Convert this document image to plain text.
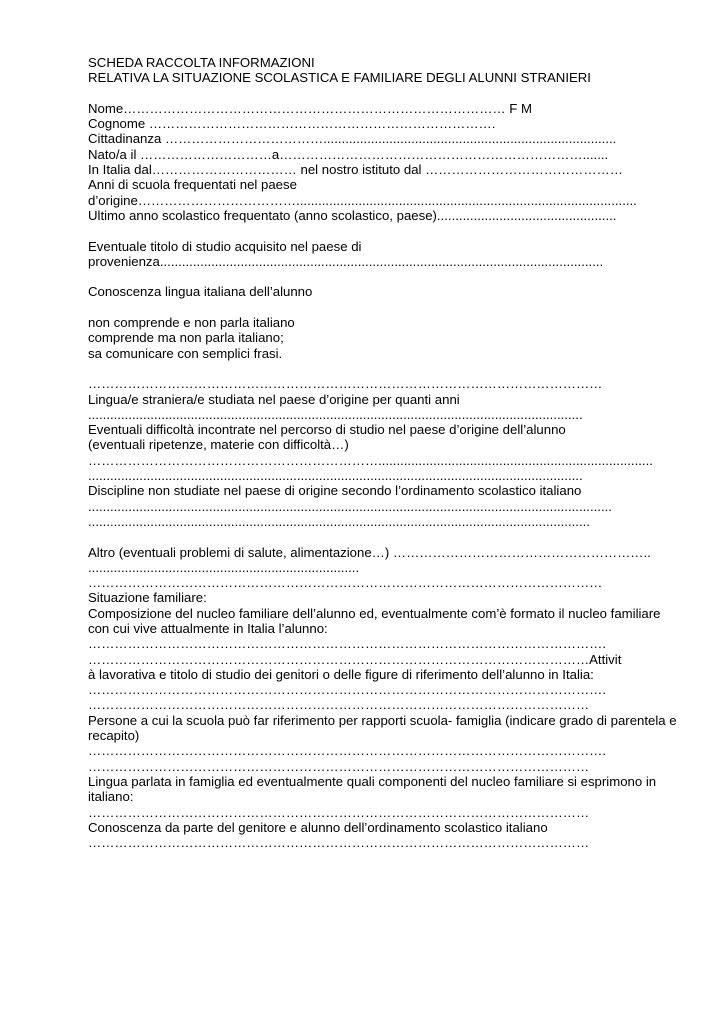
SCHEDA RACCOLTA INFORMAZIONI
RELATIVA LA SITUAZIONE SCOLASTICA E FAMILIARE DEGLI ALUNNI STRANIERI
Nome…………………………………………………………………………… F M
Cognome …………………………………………………………………….
Cittadinanza ………………………………................................................................................
Nato/a il …………………………a…………………………………………………………….......
In Italia dal…………………………… nel nostro istituto dal ………………………………………
Anni di scuola frequentati nel paese
d’origine……………………………….............................................................................................
Ultimo anno scolastico frequentato (anno scolastico, paese).................................................
Eventuale titolo di studio acquisito nel paese di
provenienza.........................................................................................................................
Conoscenza lingua italiana dell’alunno
non comprende e non parla italiano
comprende ma non parla italiano;
sa comunicare con semplici frasi.
………………………………………………………………………………………………………
Lingua/e straniera/e studiata nel paese d’origine per quanti anni
.......................................................................................................................................
Eventuali difficoltà incontrate nel percorso di studio nel paese d’origine dell’alunno
(eventuali ripetenze, materie con difficoltà…)
…………………………………………………………...........................................................................
.......................................................................................................................................
Discipline non studiate nel paese di origine secondo l’ordinamento scolastico italiano
...............................................................................................................................................
.........................................................................................................................................
Altro (eventuali problemi di salute, alimentazione…) …………………………………………………..
..........................................................................
………………………………………………………………………………………………………
Situazione familiare:
Composizione del nucleo familiare dell’alunno ed, eventualmente com’è formato il nucleo familiare con cui vive attualmente in Italia l’alunno:
……………………………………………………………………………………………………….
……………………………………………………………………………………………………Attivit
à lavorativa e titolo di studio dei genitori o delle figure di riferimento dell’alunno in Italia:
……………………………………………………………………………………………………….
……………………………………………………………………………………………………
Persone a cui la scuola può far riferimento per rapporti scuola- famiglia (indicare grado di parentela e recapito)
……………………………………………………………………………………………………….
……………………………………………………………………………………………………
Lingua parlata in famiglia ed eventualmente quali componenti del nucleo familiare si esprimono in italiano:
……………………………………………………………………………………………………
Conoscenza da parte del genitore e alunno dell’ordinamento scolastico italiano
……………………………………………………………………………………………………
